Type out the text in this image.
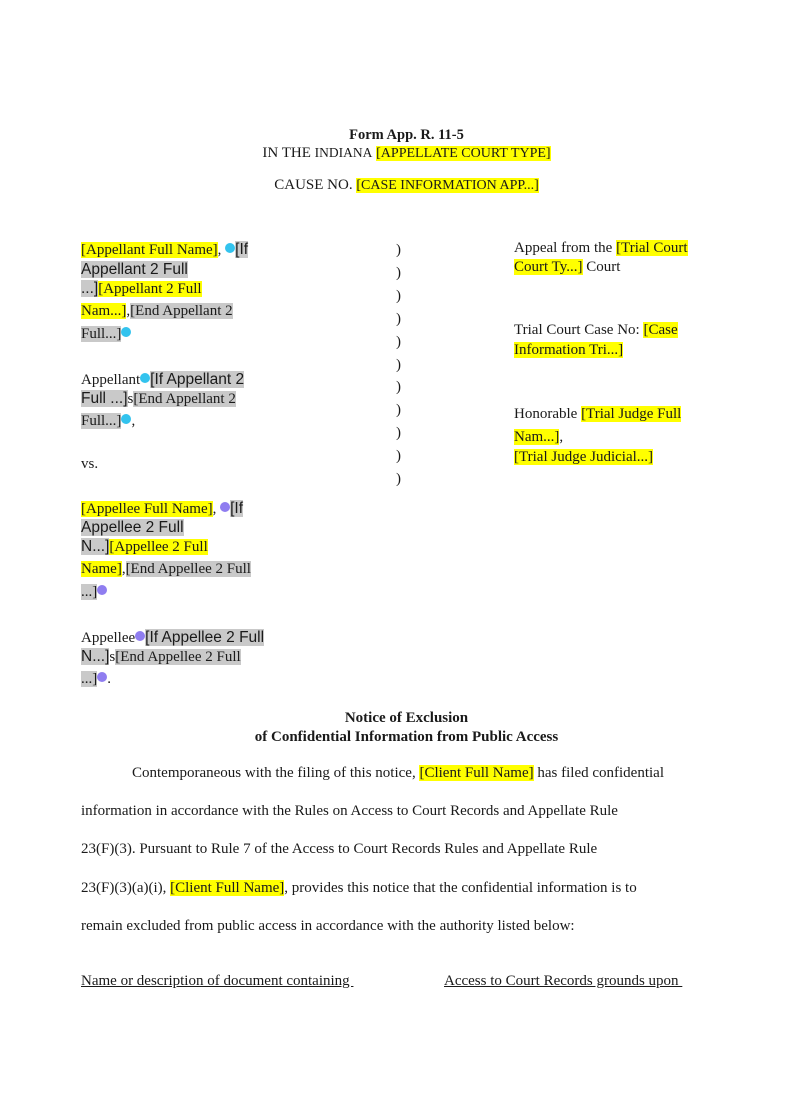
Form App. R. 11-5
IN THE INDIANA [APPELLATE COURT TYPE]
CAUSE NO. [CASE INFORMATION APP...]
[Appellant Full Name], [If
Appellant 2 Full
...][Appellant 2 Full
Nam...],[End Appellant 2
Full...]
Appellant [If Appellant 2
Full ...]s[End Appellant 2
Full...] ,
vs.
[Appellee Full Name], [If
Appellee 2 Full
N...][Appellee 2 Full
Name],[End Appellee 2 Full
...]
Appellee [If Appellee 2 Full
N...]s[End Appellee 2 Full
...] .
)
)
)
)
)
)
)
)
)
)
)
Appeal from the [Trial Court
Court Ty...] Court
Trial Court Case No: [Case
Information Tri...]
Honorable [Trial Judge Full
Nam...],
[Trial Judge Judicial...]
Notice of Exclusion
of Confidential Information from Public Access
Contemporaneous with the filing of this notice, [Client Full Name] has filed confidential
information in accordance with the Rules on Access to Court Records and Appellate Rule
23(F)(3). Pursuant to Rule 7 of the Access to Court Records Rules and Appellate Rule
23(F)(3)(a)(i), [Client Full Name], provides this notice that the confidential information is to
remain excluded from public access in accordance with the authority listed below:
Name or description of document containing	Access to Court Records grounds upon
